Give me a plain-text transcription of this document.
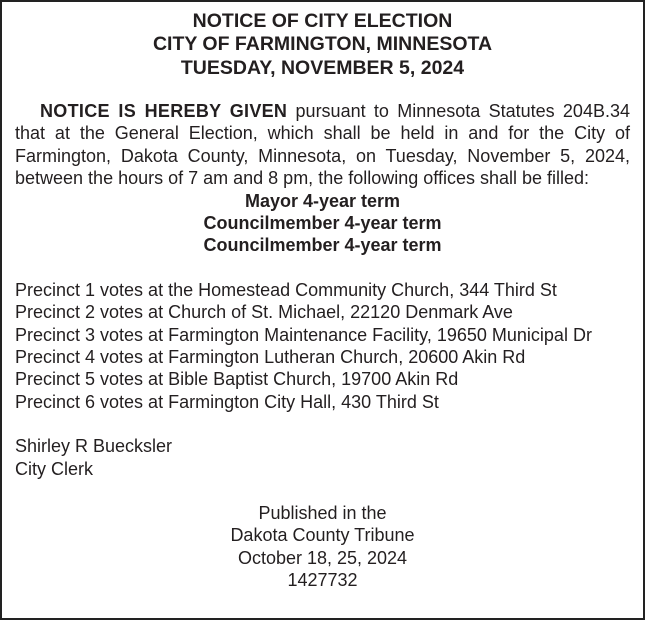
NOTICE OF CITY ELECTION
CITY OF FARMINGTON, MINNESOTA
TUESDAY, NOVEMBER 5, 2024
NOTICE IS HEREBY GIVEN pursuant to Minnesota Statutes 204B.34 that at the General Election, which shall be held in and for the City of Farmington, Dakota County, Minnesota, on Tuesday, November 5, 2024, between the hours of 7 am and 8 pm, the following offices shall be filled:
Mayor 4-year term
Councilmember 4-year term
Councilmember 4-year term
Precinct 1 votes at the Homestead Community Church, 344 Third St
Precinct 2 votes at Church of St. Michael, 22120 Denmark Ave
Precinct 3 votes at Farmington Maintenance Facility, 19650 Municipal Dr
Precinct 4 votes at Farmington Lutheran Church, 20600 Akin Rd
Precinct 5 votes at Bible Baptist Church, 19700 Akin Rd
Precinct 6 votes at Farmington City Hall, 430 Third St
Shirley R Buecksler
City Clerk
Published in the
Dakota County Tribune
October 18, 25, 2024
1427732
